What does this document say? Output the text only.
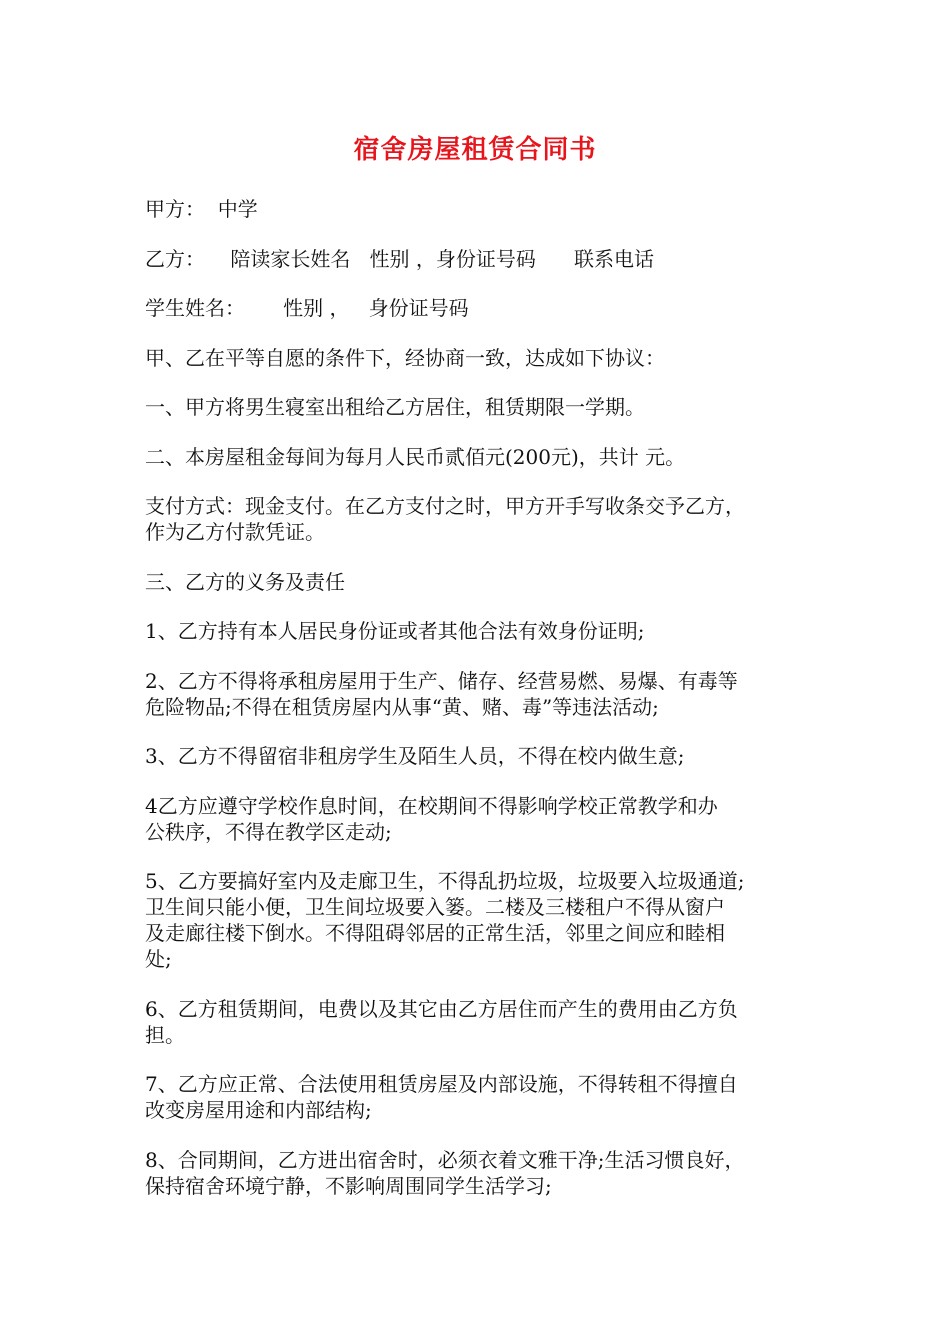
宿舍房屋租赁合同书

甲方：  中学

乙方：    陪读家长姓名   性别 ，身份证号码      联系电话

学生姓名：      性别 ，   身份证号码

甲、乙在平等自愿的条件下，经协商一致，达成如下协议：

一、甲方将男生寝室出租给乙方居住，租赁期限一学期。

二、本房屋租金每间为每月人民币贰佰元(200元)，共计 元。

支付方式：现金支付。在乙方支付之时，甲方开手写收条交予乙方，
作为乙方付款凭证。

三、乙方的义务及责任

1、乙方持有本人居民身份证或者其他合法有效身份证明;

2、乙方不得将承租房屋用于生产、储存、经营易燃、易爆、有毒等
危险物品;不得在租赁房屋内从事“黄、赌、毒”等违法活动;

3、乙方不得留宿非租房学生及陌生人员，不得在校内做生意;

4乙方应遵守学校作息时间，在校期间不得影响学校正常教学和办
公秩序，不得在教学区走动;

5、乙方要搞好室内及走廊卫生，不得乱扔垃圾，垃圾要入垃圾通道;
卫生间只能小便，卫生间垃圾要入篓。二楼及三楼租户不得从窗户
及走廊往楼下倒水。不得阻碍邻居的正常生活，邻里之间应和睦相
处;

6、乙方租赁期间，电费以及其它由乙方居住而产生的费用由乙方负
担。

7、乙方应正常、合法使用租赁房屋及内部设施，不得转租不得擅自
改变房屋用途和内部结构;

8、合同期间，乙方进出宿舍时，必须衣着文雅干净;生活习惯良好，
保持宿舍环境宁静，不影响周围同学生活学习;
